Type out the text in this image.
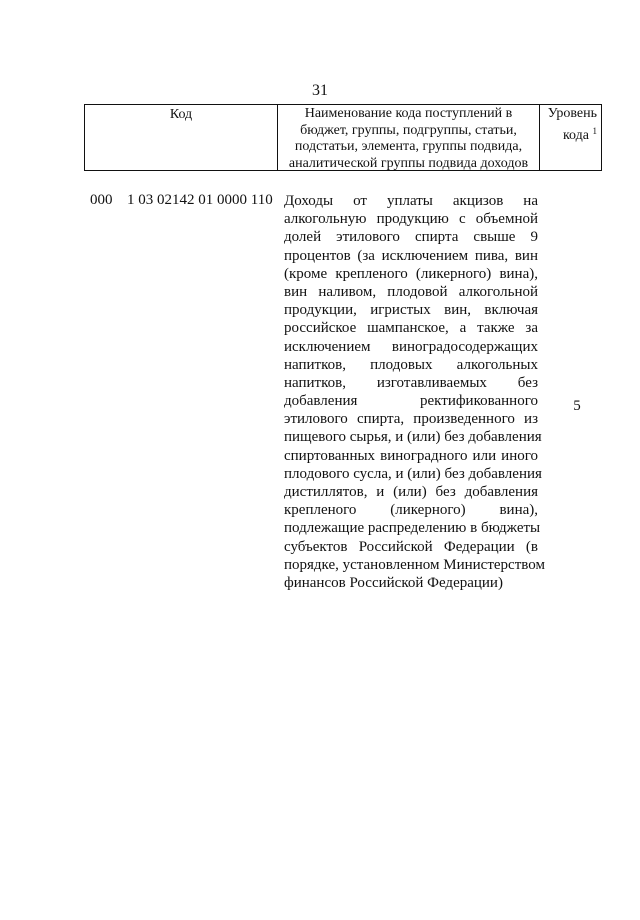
31
Код	Наименование кода поступлений в
бюджет, группы, подгруппы, статьи,
подстатьи, элемента, группы подвида,
аналитической группы подвида доходов
Уровень
кода $^1$
000 1 03 02142 01 0000 110 Доходы от уплаты акцизов на
алкогольную продукцию с объемной
долей этилового спирта свыше 9
процентов (за исключением пива, вин
(кроме крепленого (ликерного) вина),
вин наливом, плодовой алкогольной
продукции, игристых вин, включая
российское шампанское, а также за
исключением виноградосодержащих
напитков, плодовых алкогольных
напитков, изготавливаемых без
добавления ректификованного
этилового спирта, произведенного из
пищевого сырья, и (или) без добавления
спиртованных виноградного или иного
плодового сусла, и (или) без добавления
дистиллятов, и (или) без добавления
крепленого (ликерного) вина),
подлежащие распределению в бюджеты
субъектов Российской Федерации (в
порядке, установленном Министерством
финансов Российской Федерации)
5
